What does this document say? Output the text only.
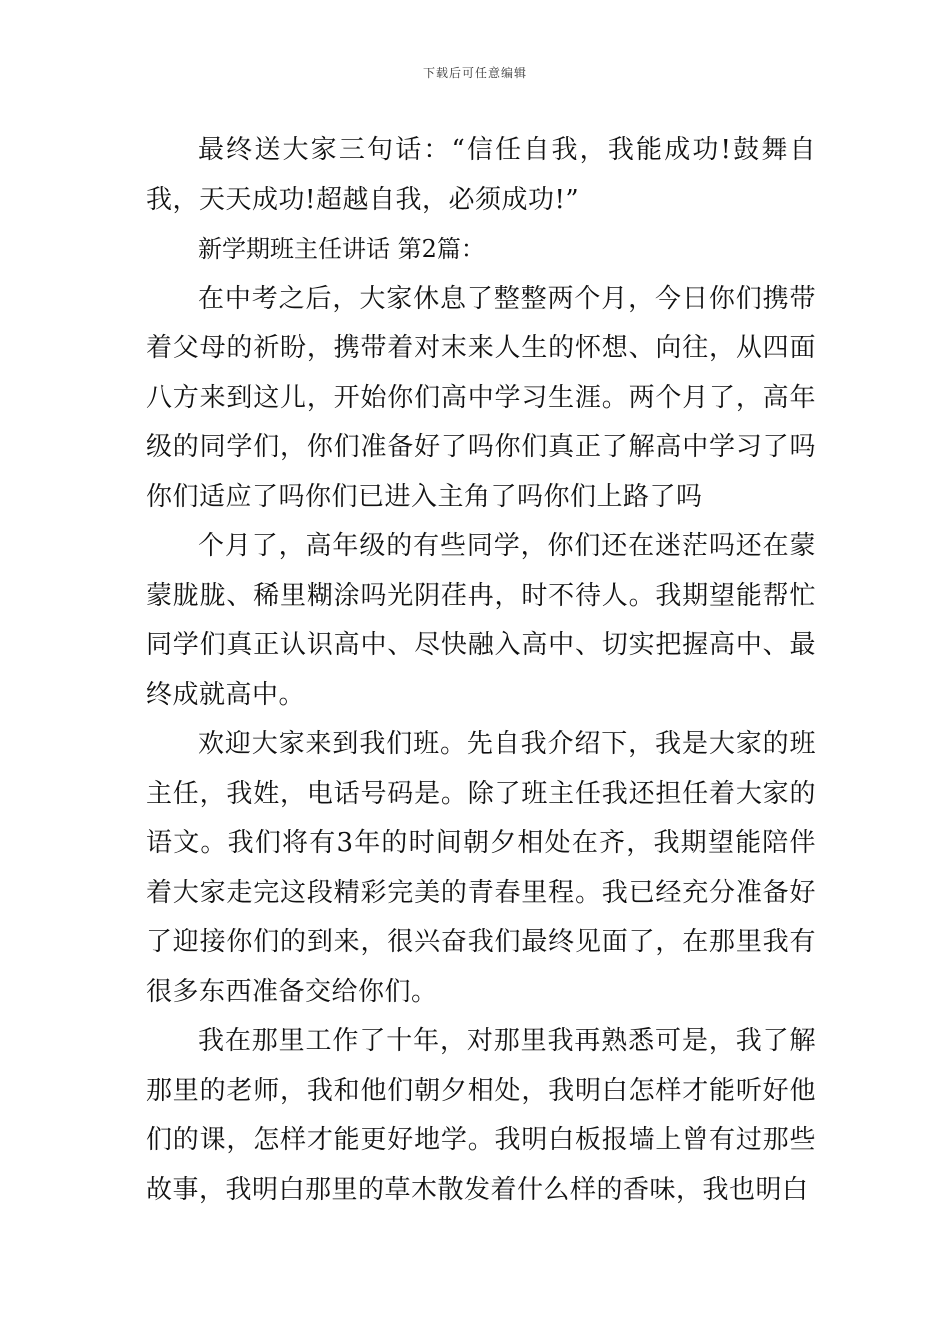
下载后可任意编辑

最终送大家三句话：“信任自我，我能成功!鼓舞自我，天天成功!超越自我，必须成功!”

新学期班主任讲话 第2篇：

在中考之后，大家休息了整整两个月，今日你们携带着父母的祈盼，携带着对末来人生的怀想、向往，从四面八方来到这儿，开始你们高中学习生涯。两个月了，高年级的同学们，你们准备好了吗你们真正了解高中学习了吗你们适应了吗你们已进入主角了吗你们上路了吗

个月了，高年级的有些同学，你们还在迷茫吗还在蒙蒙胧胧、稀里糊涂吗光阴荏冉，时不待人。我期望能帮忙同学们真正认识高中、尽快融入高中、切实把握高中、最终成就高中。

欢迎大家来到我们班。先自我介绍下，我是大家的班主任，我姓，电话号码是。除了班主任我还担任着大家的语文。我们将有3年的时间朝夕相处在齐，我期望能陪伴着大家走完这段精彩完美的青春里程。我已经充分准备好了迎接你们的到来，很兴奋我们最终见面了，在那里我有很多东西准备交给你们。

我在那里工作了十年，对那里我再熟悉可是，我了解那里的老师，我和他们朝夕相处，我明白怎样才能听好他们的课，怎样才能更好地学。我明白板报墙上曾有过那些故事，我明白那里的草木散发着什么样的香味，我也明白
